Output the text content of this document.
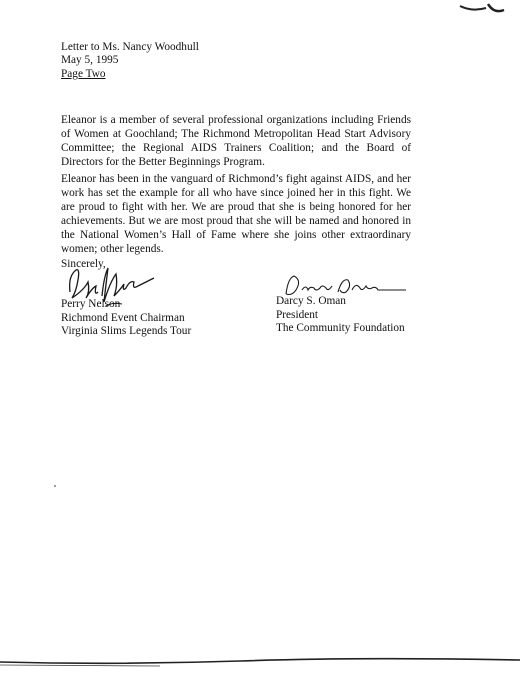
Letter to Ms. Nancy Woodhull
May 5, 1995
Page Two
Eleanor is a member of several professional organizations including Friends of Women at Goochland; The Richmond Metropolitan Head Start Advisory Committee; the Regional AIDS Trainers Coalition; and the Board of Directors for the Better Beginnings Program.
Eleanor has been in the vanguard of Richmond’s fight against AIDS, and her work has set the example for all who have since joined her in this fight. We are proud to fight with her. We are proud that she is being honored for her achievements. But we are most proud that she will be named and honored in the National Women’s Hall of Fame where she joins other extraordinary women; other legends.
Sincerely,
Perry Nelson
Richmond Event Chairman
Virginia Slims Legends Tour
Darcy S. Oman
President
The Community Foundation
